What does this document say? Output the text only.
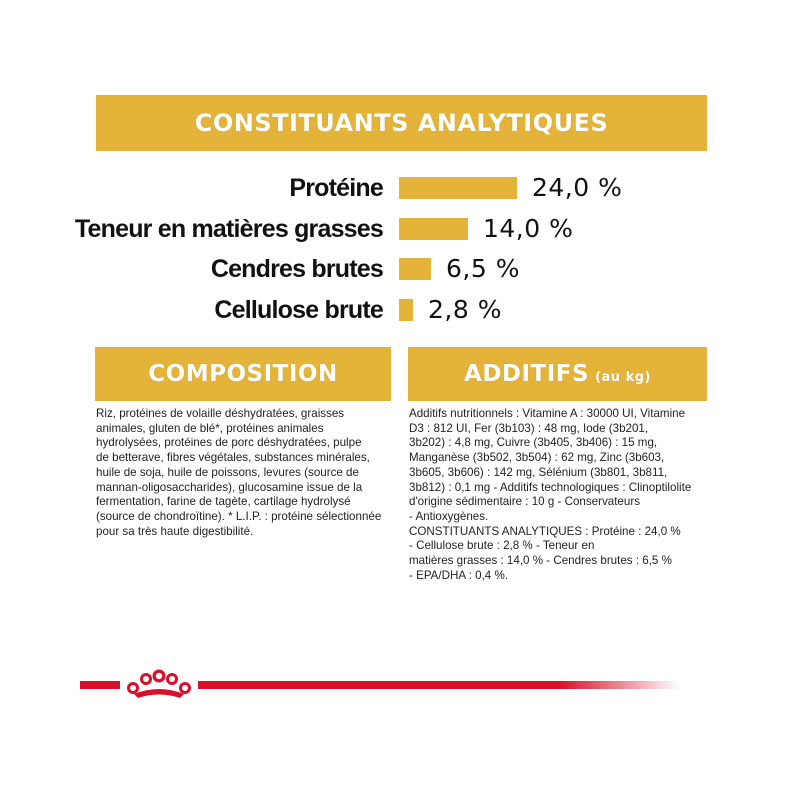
CONSTITUANTS ANALYTIQUES
Protéine	24,0 %
Teneur en matières grasses	14,0 %
Cendres brutes	6,5 %
Cellulose brute 2,8 %
COMPOSITION	ADDITIFS (au kg)
Riz, protéines de volaille déshydratées, graisses
animales, gluten de blé*, protéines animales
hydrolysées, protéines de porc déshydratées, pulpe
de betterave, fibres végétales, substances minérales,
huile de soja, huile de poissons, levures (source de
mannan-oligosaccharides), glucosamine issue de la
fermentation, farine de tagète, cartilage hydrolysé
(source de chondroïtine). * L.I.P. : protéine sélectionnée
pour sa très haute digestibilité.
Additifs nutritionnels : Vitamine A : 30000 UI, Vitamine
D3 : 812 UI, Fer (3b103) : 48 mg, Iode (3b201,
3b202) : 4,8 mg, Cuivre (3b405, 3b406) : 15 mg,
Manganèse (3b502, 3b504) : 62 mg, Zinc (3b603,
3b605, 3b606) : 142 mg, Sélénium (3b801, 3b811,
3b812) : 0,1 mg - Additifs technologiques : Clinoptilolite
d'origine sédimentaire : 10 g - Conservateurs
- Antioxygènes.
CONSTITUANTS ANALYTIQUES : Protéine : 24,0 %
- Cellulose brute : 2,8 % - Teneur en
matières grasses : 14,0 % - Cendres brutes : 6,5 %
- EPA/DHA : 0,4 %.
